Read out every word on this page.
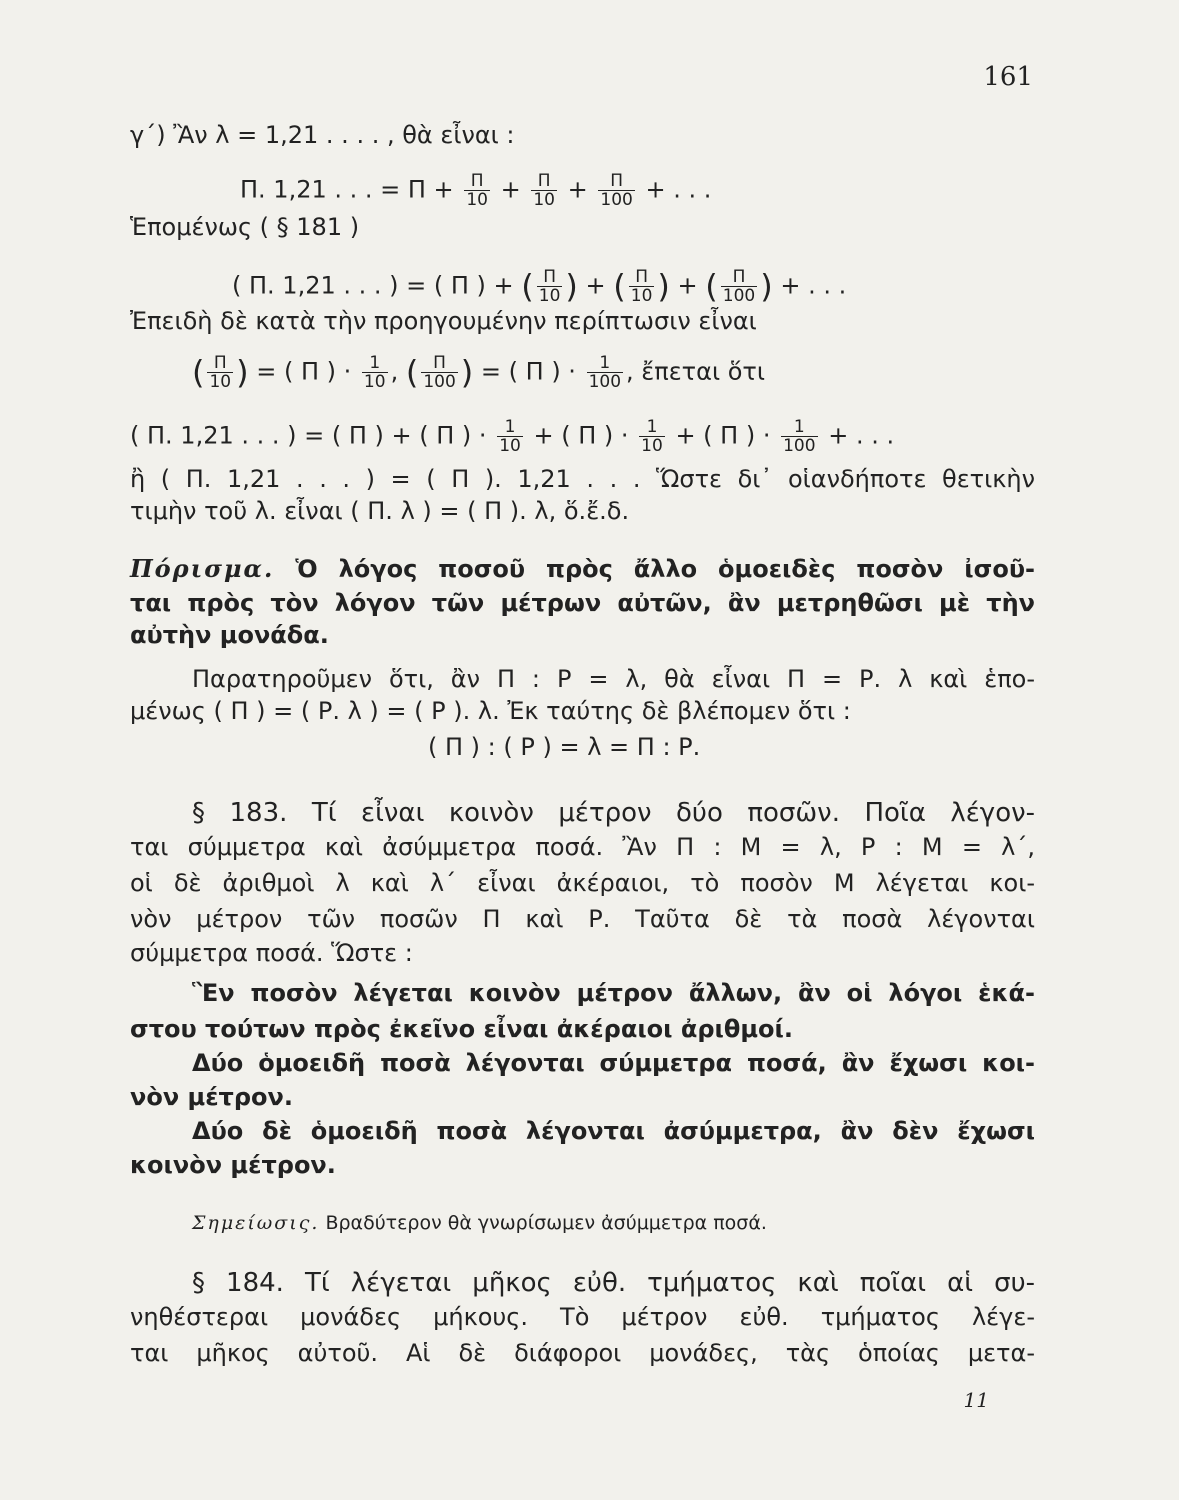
161
γ΄) Ἂν λ = 1,21 . . . . , θὰ εἶναι :
Π. 1,21 . . . = $\Pi + \frac{\Pi}{10} + \frac{\Pi}{10} + \frac{\Pi}{100}$ + . . .
Ἑπομένως ( § 181 )
( Π. 1,21 . . . ) = ( Π ) + ( $\frac{\Pi}{10}$ ) + ( $\frac{\Pi}{10}$ ) + ( $\frac{\Pi}{100}$ ) + . . .
Ἐπειδὴ δὲ κατὰ τὴν προηγουμένην περίπτωσιν εἶναι
( $\frac{\Pi}{10}$ ) = ( Π ) · $\frac{1}{10}$ , ( $\frac{\Pi}{100}$ ) = ( Π ) · $\frac{1}{100}$ , ἔπεται ὅτι
( Π. 1,21 . . . ) = ( Π ) + ( Π ) · $\frac{1}{10}$ + ( Π ) · $\frac{1}{10}$ + ( Π ) · $\frac{1}{100}$ + . . .
ἢ ( Π. 1,21 . . . ) = ( Π ). 1,21 . . . Ὥστε δι᾽ οἱανδήποτε θετικὴν
τιμὴν τοῦ λ. εἶναι ( Π. λ ) = ( Π ). λ, ὅ.ἔ.δ.
Πόρισμα. Ὁ λόγος ποσοῦ πρὸς ἄλλο ὁμοειδὲς ποσὸν ἰσοῦ-
ται πρὸς τὸν λόγον τῶν μέτρων αὐτῶν, ἂν μετρηθῶσι μὲ τὴν
αὐτὴν μονάδα.
Παρατηροῦμεν ὅτι, ἂν Π : Ρ = λ, θὰ εἶναι Π = Ρ. λ καὶ ἑπο-
μένως ( Π ) = ( Ρ. λ ) = ( Ρ ). λ. Ἐκ ταύτης δὲ βλέπομεν ὅτι :
( Π ) : ( Ρ ) = λ = Π : Ρ.
§ 183. Τί εἶναι κοινὸν μέτρον δύο ποσῶν. Ποῖα λέγον-
ται σύμμετρα καὶ ἀσύμμετρα ποσά. Ἂν Π : Μ = λ, Ρ : Μ = λ΄,
οἱ δὲ ἀριθμοὶ λ καὶ λ΄ εἶναι ἀκέραιοι, τὸ ποσὸν Μ λέγεται κοι-
νὸν μέτρον τῶν ποσῶν Π καὶ Ρ. Ταῦτα δὲ τὰ ποσὰ λέγονται
σύμμετρα ποσά. Ὥστε :
Ἓν ποσὸν λέγεται κοινὸν μέτρον ἄλλων, ἂν οἱ λόγοι ἑκά-
στου τούτων πρὸς ἐκεῖνο εἶναι ἀκέραιοι ἀριθμοί.
Δύο ὁμοειδῆ ποσὰ λέγονται σύμμετρα ποσά, ἂν ἔχωσι κοι-
νὸν μέτρον.
Δύο δὲ ὁμοειδῆ ποσὰ λέγονται ἀσύμμετρα, ἂν δὲν ἔχωσι
κοινὸν μέτρον.
Σημείωσις. Βραδύτερον θὰ γνωρίσωμεν ἀσύμμετρα ποσά.
§ 184. Τί λέγεται μῆκος εὐθ. τμήματος καὶ ποῖαι αἱ συ-
νηθέστεραι μονάδες μήκους. Τὸ μέτρον εὐθ. τμήματος λέγε-
ται μῆκος αὐτοῦ. Αἱ δὲ διάφοροι μονάδες, τὰς ὁποίας μετα-
11
